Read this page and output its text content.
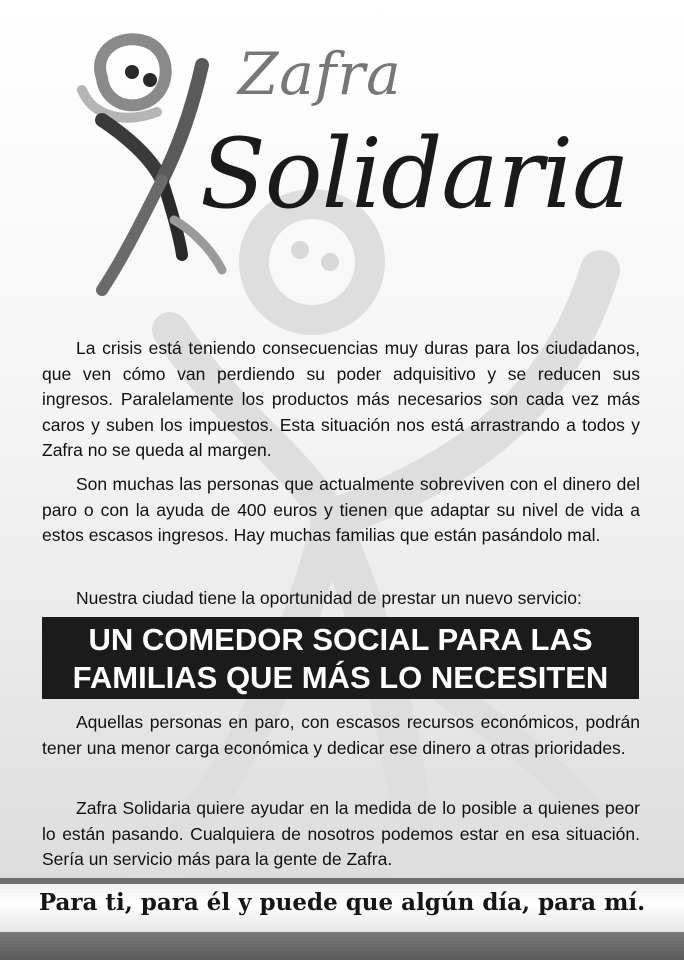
Zafra
Solidaria

La crisis está teniendo consecuencias muy duras para los ciudadanos, que ven cómo van perdiendo su poder adquisitivo y se reducen sus ingresos. Paralelamente los productos más necesarios son cada vez más caros y suben los impuestos. Esta situación nos está arrastrando a todos y Zafra no se queda al margen.

Son muchas las personas que actualmente sobreviven con el dinero del paro o con la ayuda de 400 euros y tienen que adaptar su nivel de vida a estos escasos ingresos. Hay muchas familias que están pasándolo mal.

Nuestra ciudad tiene la oportunidad de prestar un nuevo servicio:

UN COMEDOR SOCIAL PARA LAS
FAMILIAS QUE MÁS LO NECESITEN

Aquellas personas en paro, con escasos recursos económicos, podrán tener una menor carga económica y dedicar ese dinero a otras prioridades.

Zafra Solidaria quiere ayudar en la medida de lo posible a quienes peor lo están pasando. Cualquiera de nosotros podemos estar en esa situación. Sería un servicio más para la gente de Zafra.

Para ti, para él y puede que algún día, para mí.
